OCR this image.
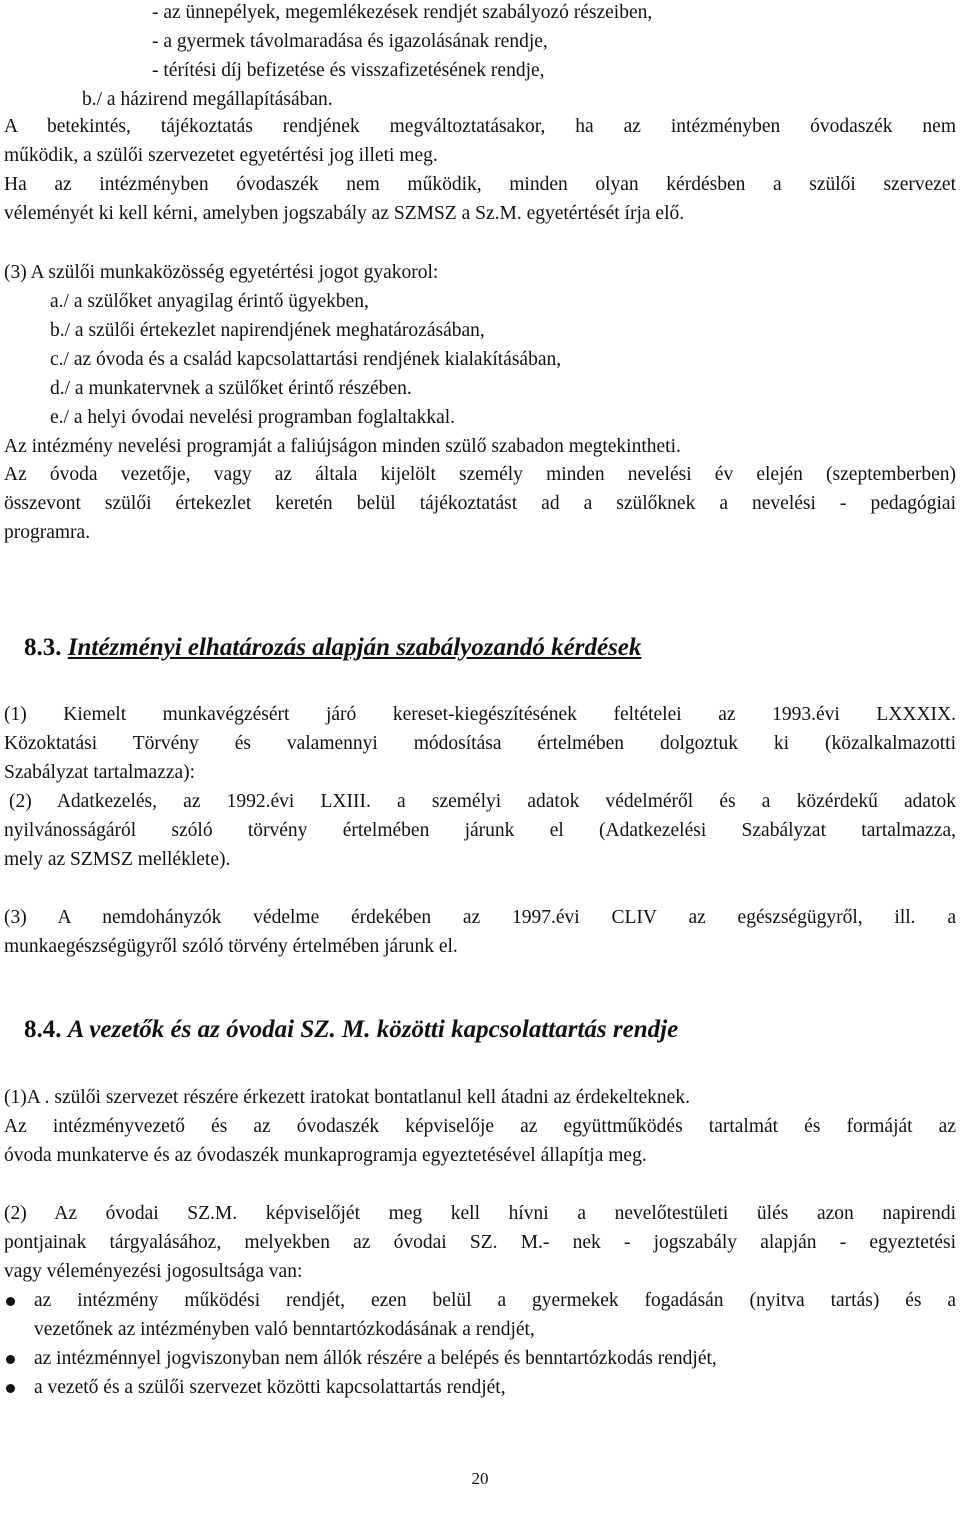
- az ünnepélyek, megemlékezések rendjét szabályozó részeiben,
- a gyermek távolmaradása és igazolásának rendje,
- térítési díj befizetése és visszafizetésének rendje,
b./ a házirend megállapításában.
A betekintés, tájékoztatás rendjének megváltoztatásakor, ha az intézményben óvodaszék nem
működik, a szülői szervezetet egyetértési jog illeti meg.
Ha az intézményben óvodaszék nem működik, minden olyan kérdésben a szülői szervezet
véleményét ki kell kérni, amelyben jogszabály az SZMSZ a Sz.M. egyetértését írja elő.
(3) A szülői munkaközösség egyetértési jogot gyakorol:
a./ a szülőket anyagilag érintő ügyekben,
b./ a szülői értekezlet napirendjének meghatározásában,
c./ az óvoda és a család kapcsolattartási rendjének kialakításában,
d./ a munkatervnek a szülőket érintő részében.
e./ a helyi óvodai nevelési programban foglaltakkal.
Az intézmény nevelési programját a faliújságon minden szülő szabadon megtekintheti.
Az óvoda vezetője, vagy az általa kijelölt személy minden nevelési év elején (szeptemberben)
összevont szülői értekezlet keretén belül tájékoztatást ad a szülőknek a nevelési - pedagógiai
programra.
8.3. Intézményi elhatározás alapján szabályozandó kérdések
(1) Kiemelt munkavégzésért járó kereset-kiegészítésének feltételei az 1993.évi LXXXIX.
Közoktatási Törvény és valamennyi módosítása értelmében dolgoztuk ki (közalkalmazotti
Szabályzat tartalmazza):
(2) Adatkezelés, az 1992.évi LXIII. a személyi adatok védelméről és a közérdekű adatok
nyilvánosságáról szóló törvény értelmében járunk el (Adatkezelési Szabályzat tartalmazza,
mely az SZMSZ melléklete).
(3) A nemdohányzók védelme érdekében az 1997.évi CLIV az egészségügyről, ill. a
munkaegészségügyről szóló törvény értelmében járunk el.
8.4. A vezetők és az óvodai SZ. M. közötti kapcsolattartás rendje
(1)A . szülői szervezet részére érkezett iratokat bontatlanul kell átadni az érdekelteknek.
Az intézményvezető és az óvodaszék képviselője az együttműködés tartalmát és formáját az
óvoda munkaterve és az óvodaszék munkaprogramja egyeztetésével állapítja meg.
(2) Az óvodai SZ.M. képviselőjét meg kell hívni a nevelőtestületi ülés azon napirendi
pontjainak tárgyalásához, melyekben az óvodai SZ. M.- nek - jogszabály alapján - egyeztetési
vagy véleményezési jogosultsága van:
az intézmény működési rendjét, ezen belül a gyermekek fogadásán (nyitva tartás) és a
vezetőnek az intézményben való benntartózkodásának a rendjét,
az intézménnyel jogviszonyban nem állók részére a belépés és benntartózkodás rendjét,
a vezető és a szülői szervezet közötti kapcsolattartás rendjét,
20
